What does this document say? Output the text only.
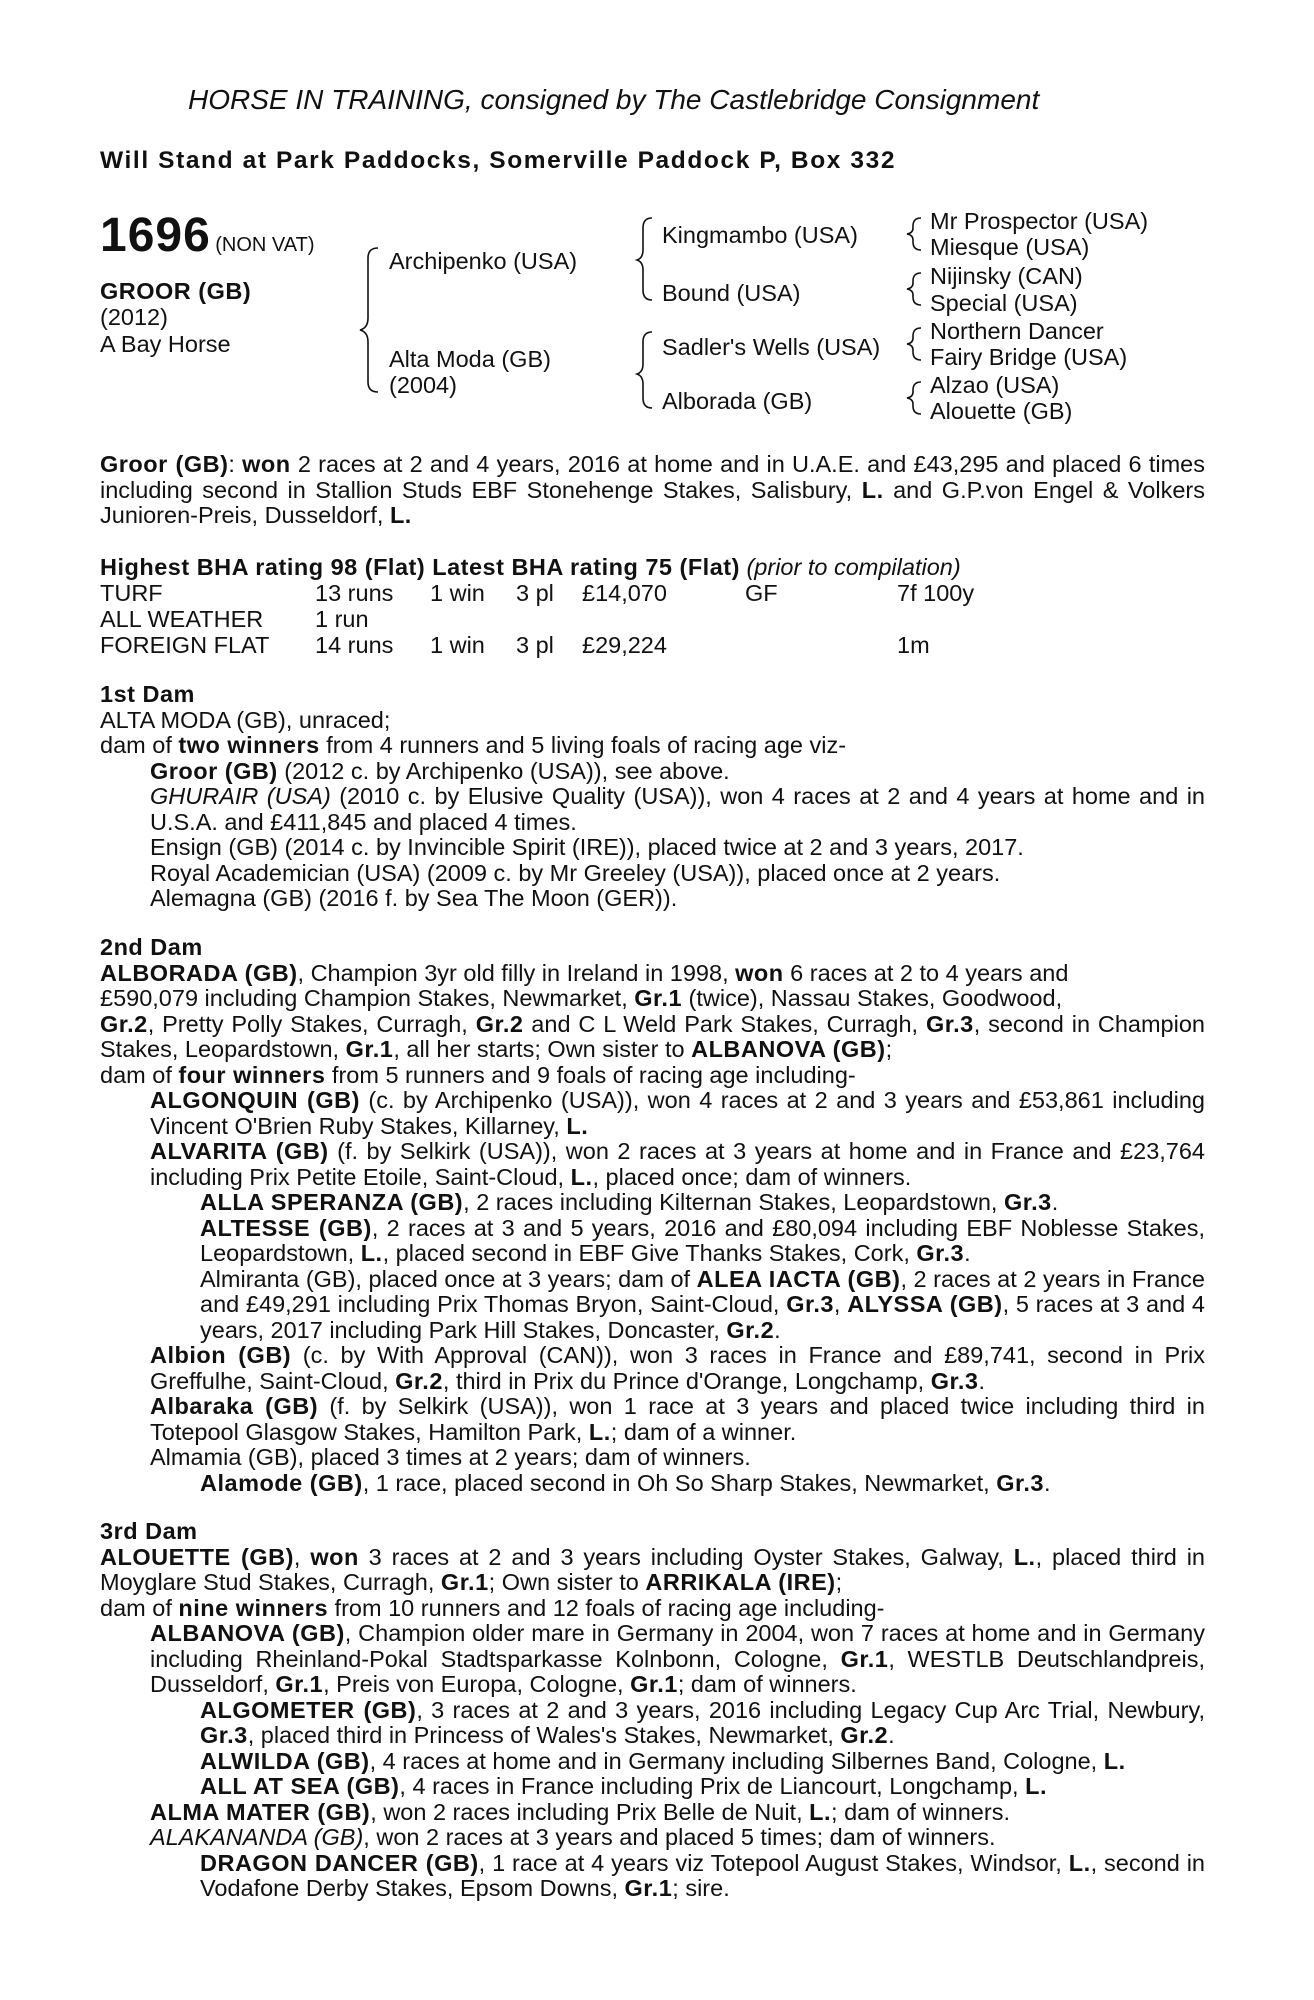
HORSE IN TRAINING, consigned by The Castlebridge Consignment
Will Stand at Park Paddocks, Somerville Paddock P, Box 332
1696 (NON VAT)
GROOR (GB)
(2012)
A Bay Horse
Archipenko (USA)
Alta Moda (GB)
(2004)
Kingmambo (USA)
Bound (USA)
Sadler's Wells (USA)
Alborada (GB)
Mr Prospector (USA)
Miesque (USA)
Nijinsky (CAN)
Special (USA)
Northern Dancer
Fairy Bridge (USA)
Alzao (USA)
Alouette (GB)
Groor (GB): won 2 races at 2 and 4 years, 2016 at home and in U.A.E. and £43,295 and placed 6 times including second in Stallion Studs EBF Stonehenge Stakes, Salisbury, L. and G.P.von Engel & Volkers Junioren-Preis, Dusseldorf, L.
Highest BHA rating 98 (Flat) Latest BHA rating 75 (Flat) (prior to compilation)
TURF	13 runs 1 win 3 pl £14,070	GF	7f 100y
ALL WEATHER 1 run
FOREIGN FLAT 14 runs 1 win 3 pl £29,224	1m
1st Dam
ALTA MODA (GB), unraced;
dam of two winners from 4 runners and 5 living foals of racing age viz-
Groor (GB) (2012 c. by Archipenko (USA)), see above.
GHURAIR (USA) (2010 c. by Elusive Quality (USA)), won 4 races at 2 and 4 years at home and in U.S.A. and £411,845 and placed 4 times.
Ensign (GB) (2014 c. by Invincible Spirit (IRE)), placed twice at 2 and 3 years, 2017.
Royal Academician (USA) (2009 c. by Mr Greeley (USA)), placed once at 2 years.
Alemagna (GB) (2016 f. by Sea The Moon (GER)).
2nd Dam
ALBORADA (GB), Champion 3yr old filly in Ireland in 1998, won 6 races at 2 to 4 years and
£590,079 including Champion Stakes, Newmarket, Gr.1 (twice), Nassau Stakes, Goodwood,
Gr.2, Pretty Polly Stakes, Curragh, Gr.2 and C L Weld Park Stakes, Curragh, Gr.3, second in Champion Stakes, Leopardstown, Gr.1, all her starts; Own sister to ALBANOVA (GB);
dam of four winners from 5 runners and 9 foals of racing age including-
ALGONQUIN (GB) (c. by Archipenko (USA)), won 4 races at 2 and 3 years and £53,861 including Vincent O'Brien Ruby Stakes, Killarney, L.
ALVARITA (GB) (f. by Selkirk (USA)), won 2 races at 3 years at home and in France and £23,764 including Prix Petite Etoile, Saint-Cloud, L., placed once; dam of winners.
ALLA SPERANZA (GB), 2 races including Kilternan Stakes, Leopardstown, Gr.3.
ALTESSE (GB), 2 races at 3 and 5 years, 2016 and £80,094 including EBF Noblesse Stakes, Leopardstown, L., placed second in EBF Give Thanks Stakes, Cork, Gr.3.
Almiranta (GB), placed once at 3 years; dam of ALEA IACTA (GB), 2 races at 2 years in France and £49,291 including Prix Thomas Bryon, Saint-Cloud, Gr.3, ALYSSA (GB), 5 races at 3 and 4 years, 2017 including Park Hill Stakes, Doncaster, Gr.2.
Albion (GB) (c. by With Approval (CAN)), won 3 races in France and £89,741, second in Prix Greffulhe, Saint-Cloud, Gr.2, third in Prix du Prince d'Orange, Longchamp, Gr.3.
Albaraka (GB) (f. by Selkirk (USA)), won 1 race at 3 years and placed twice including third in Totepool Glasgow Stakes, Hamilton Park, L.; dam of a winner.
Almamia (GB), placed 3 times at 2 years; dam of winners.
Alamode (GB), 1 race, placed second in Oh So Sharp Stakes, Newmarket, Gr.3.
3rd Dam
ALOUETTE (GB), won 3 races at 2 and 3 years including Oyster Stakes, Galway, L., placed third in Moyglare Stud Stakes, Curragh, Gr.1; Own sister to ARRIKALA (IRE);
dam of nine winners from 10 runners and 12 foals of racing age including-
ALBANOVA (GB), Champion older mare in Germany in 2004, won 7 races at home and in Germany including Rheinland-Pokal Stadtsparkasse Kolnbonn, Cologne, Gr.1, WESTLB Deutschlandpreis, Dusseldorf, Gr.1, Preis von Europa, Cologne, Gr.1; dam of winners.
ALGOMETER (GB), 3 races at 2 and 3 years, 2016 including Legacy Cup Arc Trial, Newbury, Gr.3, placed third in Princess of Wales's Stakes, Newmarket, Gr.2.
ALWILDA (GB), 4 races at home and in Germany including Silbernes Band, Cologne, L.
ALL AT SEA (GB), 4 races in France including Prix de Liancourt, Longchamp, L.
ALMA MATER (GB), won 2 races including Prix Belle de Nuit, L.; dam of winners.
ALAKANANDA (GB), won 2 races at 3 years and placed 5 times; dam of winners.
DRAGON DANCER (GB), 1 race at 4 years viz Totepool August Stakes, Windsor, L., second in Vodafone Derby Stakes, Epsom Downs, Gr.1; sire.
